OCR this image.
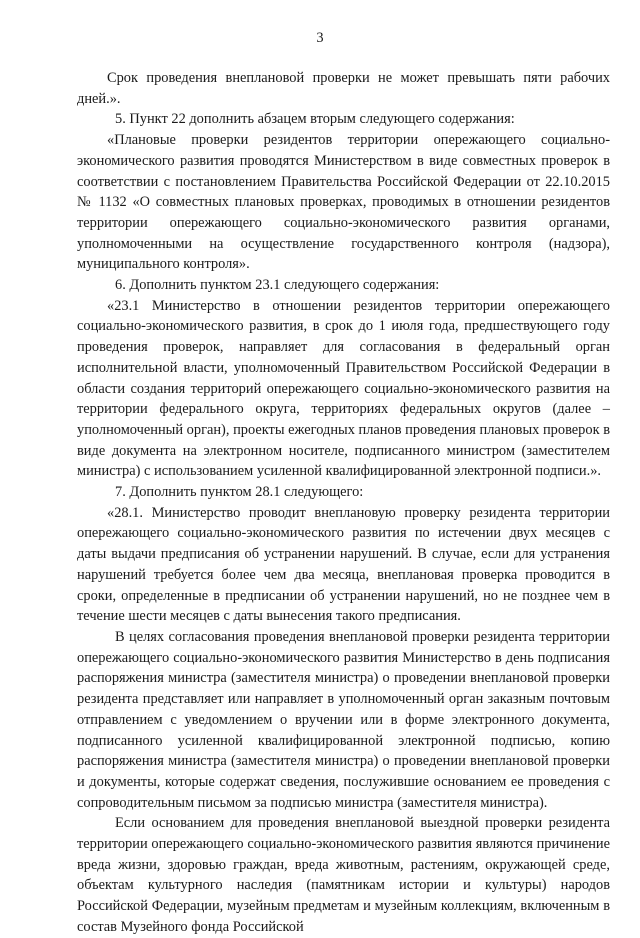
3

Срок проведения внеплановой проверки не может превышать пяти рабочих дней.».

5. Пункт 22 дополнить абзацем вторым следующего содержания:

«Плановые проверки резидентов территории опережающего социально-экономического развития проводятся Министерством в виде совместных проверок в соответствии с постановлением Правительства Российской Федерации от 22.10.2015 № 1132 «О совместных плановых проверках, проводимых в отношении резидентов территории опережающего социально-экономического развития органами, уполномоченными на осуществление государственного контроля (надзора), муниципального контроля».

6. Дополнить пунктом 23.1 следующего содержания:

«23.1 Министерство в отношении резидентов территории опережающего социально-экономического развития, в срок до 1 июля года, предшествующего году проведения проверок, направляет для согласования в федеральный орган исполнительной власти, уполномоченный Правительством Российской Федерации в области создания территорий опережающего социально-экономического развития на территории федерального округа, территориях федеральных округов (далее – уполномоченный орган), проекты ежегодных планов проведения плановых проверок в виде документа на электронном носителе, подписанного министром (заместителем министра) с использованием усиленной квалифицированной электронной подписи.».

7. Дополнить пунктом 28.1 следующего:

«28.1. Министерство проводит внеплановую проверку резидента территории опережающего социально-экономического развития по истечении двух месяцев с даты выдачи предписания об устранении нарушений. В случае, если для устранения нарушений требуется более чем два месяца, внеплановая проверка проводится в сроки, определенные в предписании об устранении нарушений, но не позднее чем в течение шести месяцев с даты вынесения такого предписания.

В целях согласования проведения внеплановой проверки резидента территории опережающего социально-экономического развития Министерство в день подписания распоряжения министра (заместителя министра) о проведении внеплановой проверки резидента представляет или направляет в уполномоченный орган заказным почтовым отправлением с уведомлением о вручении или в форме электронного документа, подписанного усиленной квалифицированной электронной подписью, копию распоряжения министра (заместителя министра) о проведении внеплановой проверки и документы, которые содержат сведения, послужившие основанием ее проведения с сопроводительным письмом за подписью министра (заместителя министра).

Если основанием для проведения внеплановой выездной проверки резидента территории опережающего социально-экономического развития являются причинение вреда жизни, здоровью граждан, вреда животным, растениям, окружающей среде, объектам культурного наследия (памятникам истории и культуры) народов Российской Федерации, музейным предметам и музейным коллекциям, включенным в состав Музейного фонда Российской
